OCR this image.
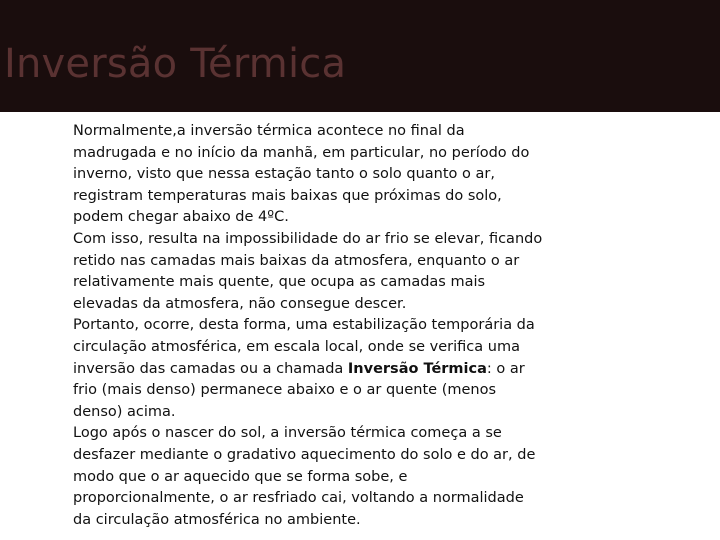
Inversão Térmica

Normalmente,a inversão térmica acontece no final da madrugada e no início da manhã, em particular, no período do inverno, visto que nessa estação tanto o solo quanto o ar, registram temperaturas mais baixas que próximas do solo, podem chegar abaixo de 4ºC.

Com isso, resulta na impossibilidade do ar frio se elevar, ficando retido nas camadas mais baixas da atmosfera, enquanto o ar relativamente mais quente, que ocupa as camadas mais elevadas da atmosfera, não consegue descer.

Portanto, ocorre, desta forma, uma estabilização temporária da circulação atmosférica, em escala local, onde se verifica uma inversão das camadas ou a chamada Inversão Térmica: o ar frio (mais denso) permanece abaixo e o ar quente (menos denso) acima.

Logo após o nascer do sol, a inversão térmica começa a se desfazer mediante o gradativo aquecimento do solo e do ar, de modo que o ar aquecido que se forma sobe, e proporcionalmente, o ar resfriado cai, voltando a normalidade da circulação atmosférica no ambiente.
